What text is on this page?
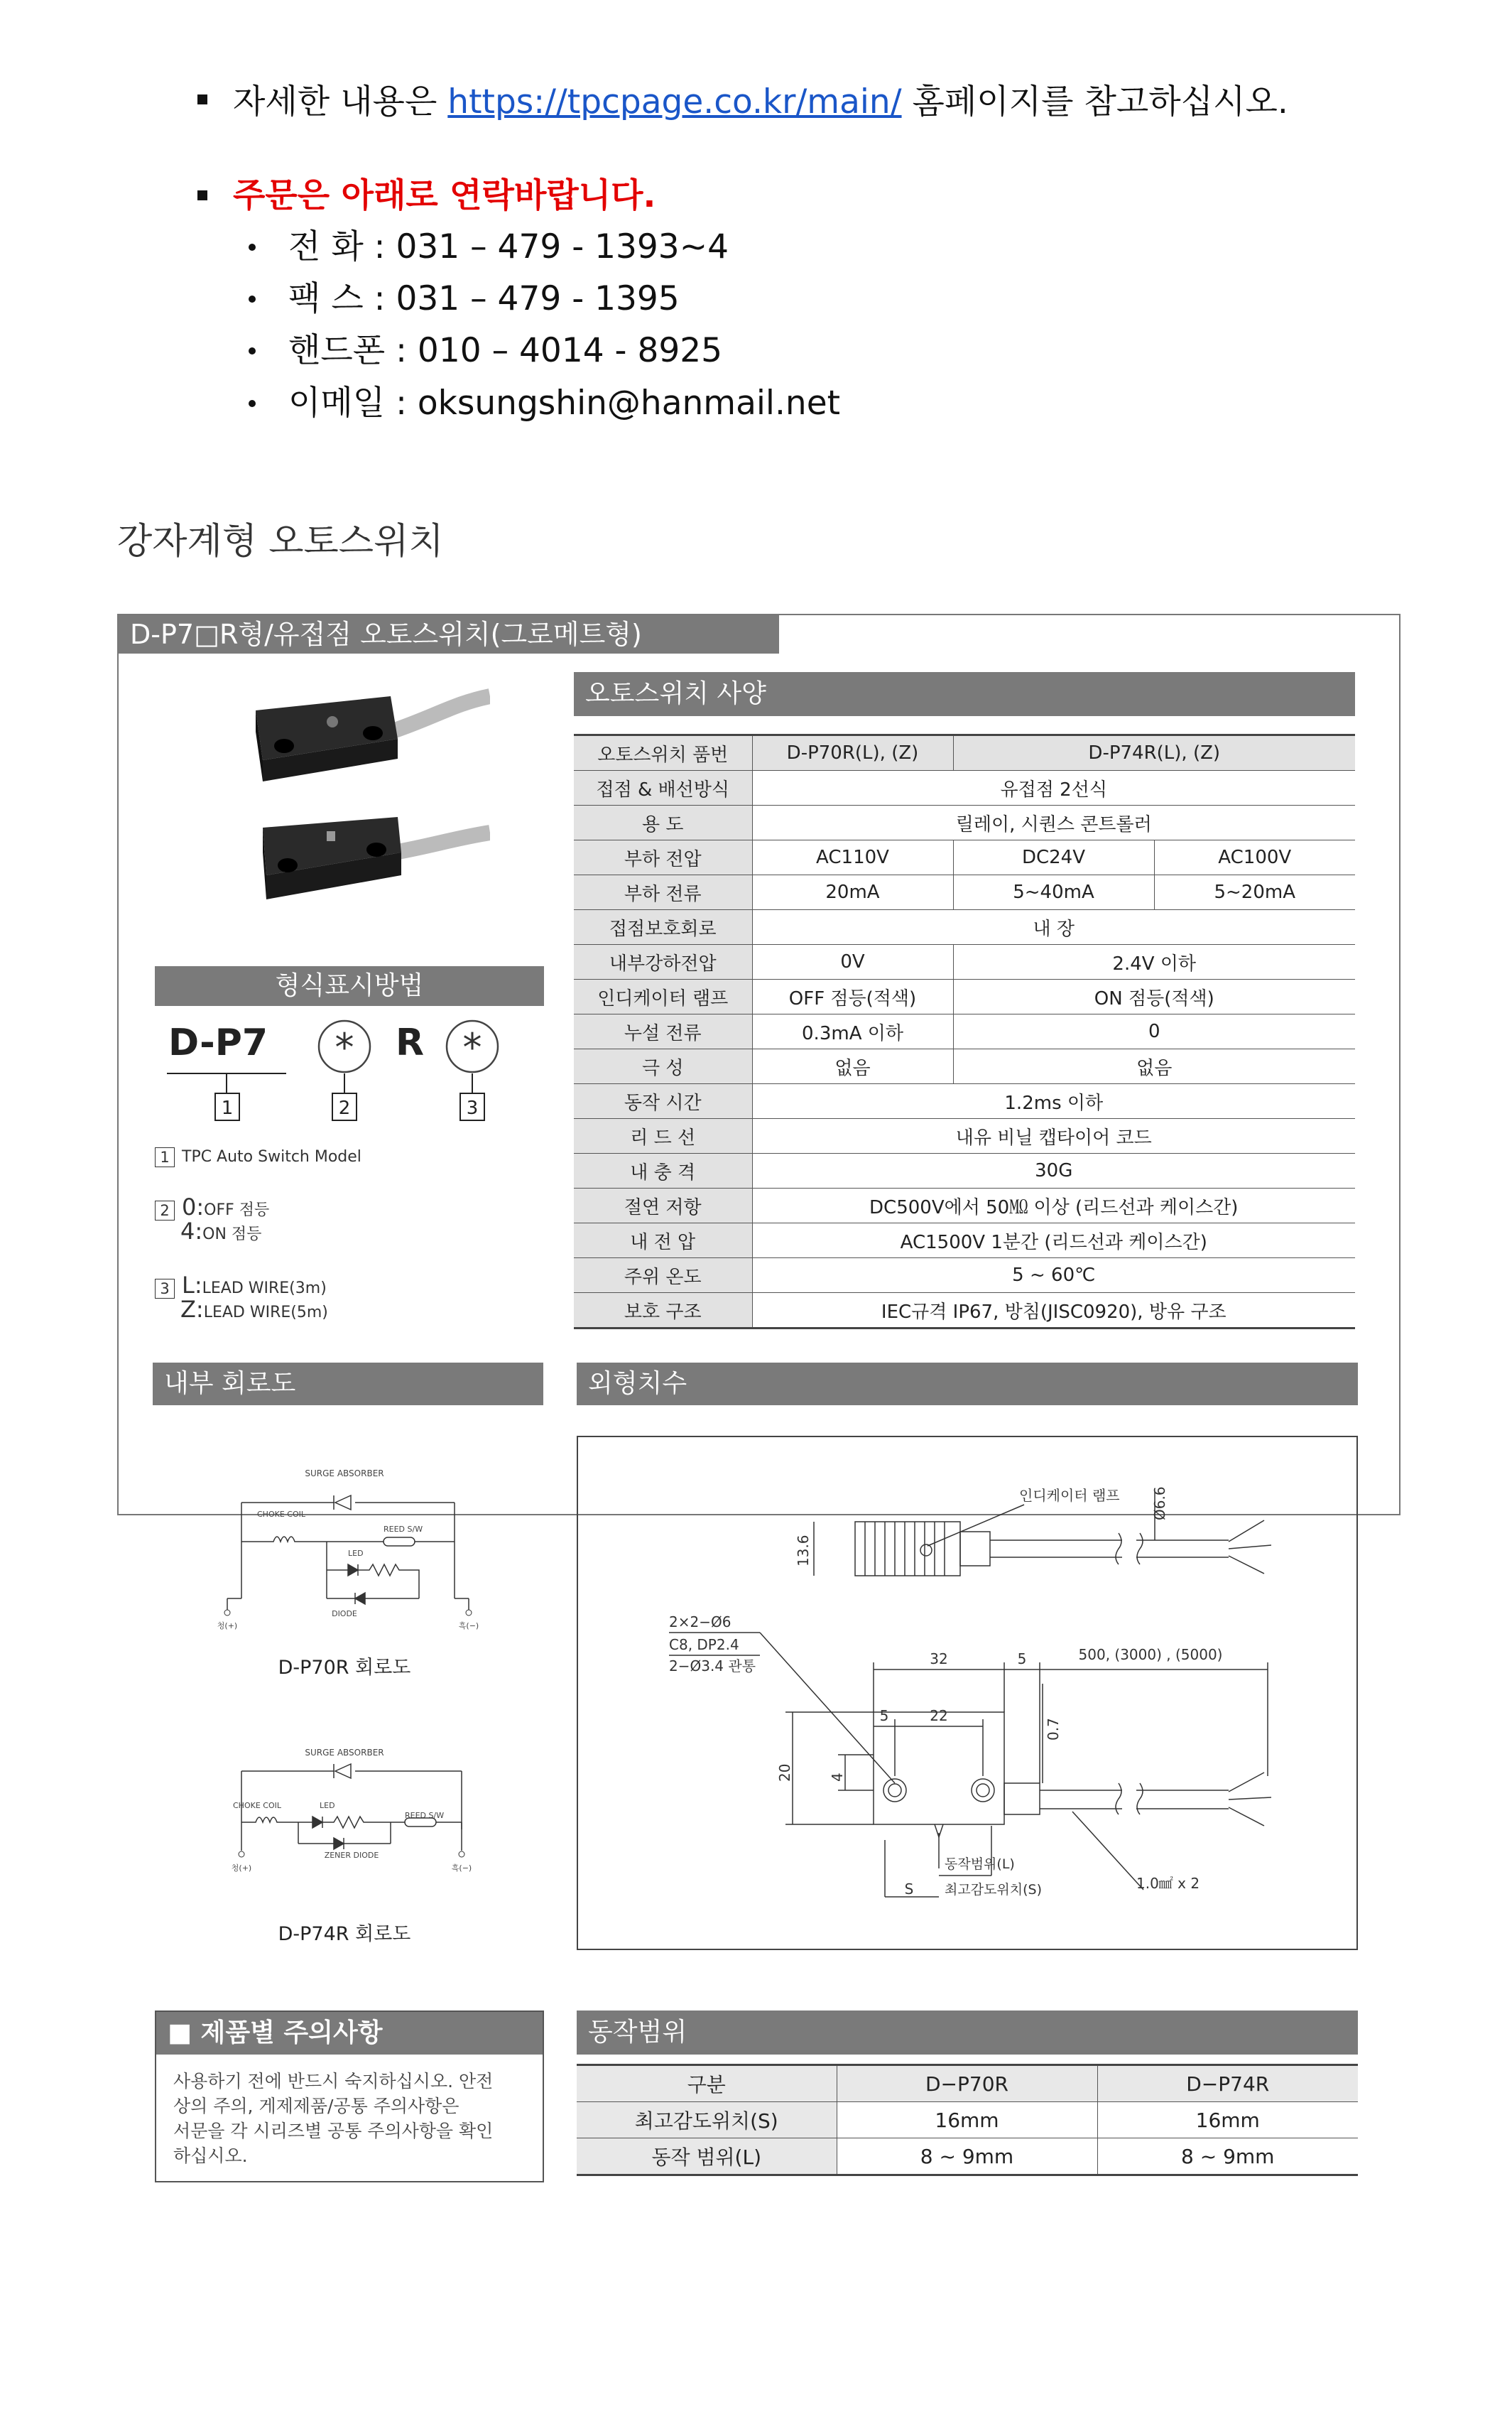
자세한 내용은 https://tpcpage.co.kr/main/ 홈페이지를 참고하십시오.
주문은 아래로 연락바랍니다.
전 화 : 031 – 479 - 1393~4
팩 스 : 031 – 479 - 1395
핸드폰 : 010 – 4014 - 8925
이메일 : oksungshin@hanmail.net
강자계형 오토스위치
D-P7□R형/유접점 오토스위치(그로메트형)
형식표시방법
D-P7 * R *
1	2	3
1 TPC Auto Switch Model
2 0:OFF 점등
4:ON 점등
3 L:LEAD WIRE(3m)
Z:LEAD WIRE(5m)
오토스위치 사양
오토스위치 품번	D-P70R(L), (Z)	D-P74R(L), (Z)	
접점 & 배선방식	유접점 2선식		
용 도	릴레이, 시퀀스 콘트롤러		
부하 전압	AC110V	DC24V	AC100V
부하 전류	20mA	5~40mA	5~20mA
접점보호회로	내 장		
내부강하전압	0V	2.4V 이하	
인디케이터 램프	OFF 점등(적색)	ON 점등(적색)	
누설 전류	0.3mA 이하	0	
극 성	없음	없음	
동작 시간	1.2ms 이하		
리 드 선	내유 비닐 캡타이어 코드		
내 충 격	30G		
절연 저항	DC500V에서 50㏁ 이상 (리드선과 케이스간)		
내 전 압	AC1500V 1분간 (리드선과 케이스간)		
주위 온도	5 ~ 60℃		
보호 구조	IEC규격 IP67, 방침(JISC0920), 방유 구조		
내부 회로도
SURGE ABSORBER
CHOKE COIL
REED S/W
LED
DIODE
청(+)	흑(−)
D-P70R 회로도
SURGE ABSORBER
CHOKE COIL	LED
REED S/W
ZENER DIODE
청(+)	흑(−)
D-P74R 회로도
외형치수
인디케이터 램프 Ø6.6
13.6
2×2−Ø6
C8, DP2.4
2−Ø3.4 관통	32	5	500, (3000) , (5000)
5	22
0.7
4
20
동작범위(L)
S 최고감도위치(S)	1.0㎟ x 2
■ 제품별 주의사항
사용하기 전에 반드시 숙지하십시오. 안전
상의 주의, 게제제품/공통 주의사항은
서문을 각 시리즈별 공통 주의사항을 확인
하십시오.
동작범위
구분	D−P70R	D−P74R
최고감도위치(S)	16mm	16mm
동작 범위(L)	8 ~ 9mm	8 ~ 9mm
